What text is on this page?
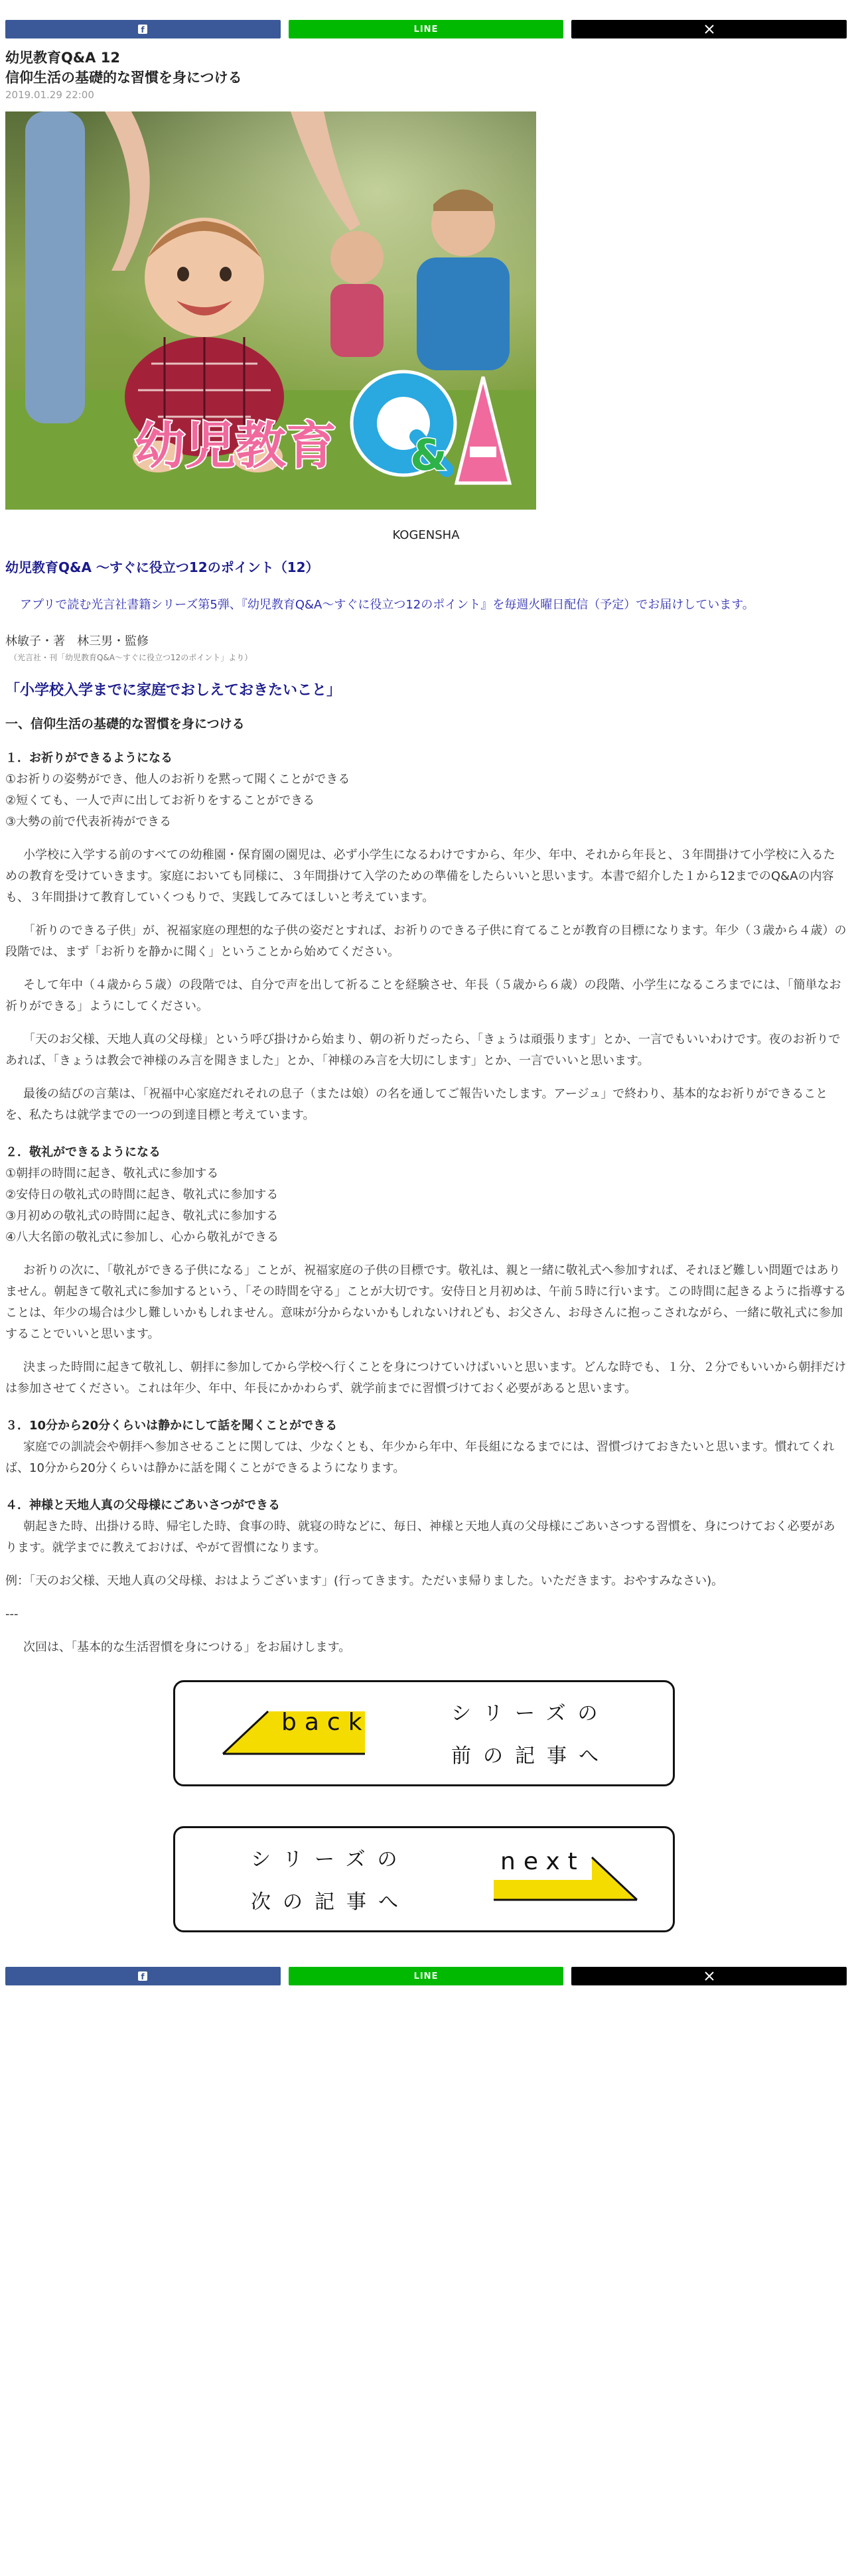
f	LINE
幼児教育Q&A 12
信仰生活の基礎的な習慣を身につける
2019.01.29 22:00
幼児教育 &
KOGENSHA
幼児教育Q&A ～すぐに役立つ12のポイント（12）
アプリで読む光言社書籍シリーズ第5弾、『幼児教育Q&A～すぐに役立つ12のポイント』を毎週火曜日配信（予定）でお届けしています。
林敏子・著　林三男・監修
（光言社・刊「幼児教育Q&A～すぐに役立つ12のポイント」より）
「小学校入学までに家庭でおしえておきたいこと」
一、信仰生活の基礎的な習慣を身につける
１．お祈りができるようになる
①お祈りの姿勢ができ、他人のお祈りを黙って聞くことができる
②短くても、一人で声に出してお祈りをすることができる
③大勢の前で代表祈祷ができる
小学校に入学する前のすべての幼稚園・保育園の園児は、必ず小学生になるわけですから、年少、年中、それから年長と、３年間掛けて小学校に入るための教育を受けていきます。家庭においても同様に、３年間掛けて入学のための準備をしたらいいと思います。本書で紹介した１から12までのQ&Aの内容も、３年間掛けて教育していくつもりで、実践してみてほしいと考えています。
「祈りのできる子供」が、祝福家庭の理想的な子供の姿だとすれば、お祈りのできる子供に育てることが教育の目標になります。年少（３歳から４歳）の段階では、まず「お祈りを静かに聞く」ということから始めてください。
そして年中（４歳から５歳）の段階では、自分で声を出して祈ることを経験させ、年長（５歳から６歳）の段階、小学生になるころまでには、「簡単なお祈りができる」ようにしてください。
「天のお父様、天地人真の父母様」という呼び掛けから始まり、朝の祈りだったら、「きょうは頑張ります」とか、一言でもいいわけです。夜のお祈りであれば、「きょうは教会で神様のみ言を聞きました」とか、「神様のみ言を大切にします」とか、一言でいいと思います。
最後の結びの言葉は、「祝福中心家庭だれそれの息子（または娘）の名を通してご報告いたします。アージュ」で終わり、基本的なお祈りができることを、私たちは就学までの一つの到達目標と考えています。
２．敬礼ができるようになる
①朝拝の時間に起き、敬礼式に参加する
②安侍日の敬礼式の時間に起き、敬礼式に参加する
③月初めの敬礼式の時間に起き、敬礼式に参加する
④八大名節の敬礼式に参加し、心から敬礼ができる
お祈りの次に、「敬礼ができる子供になる」ことが、祝福家庭の子供の目標です。敬礼は、親と一緒に敬礼式へ参加すれば、それほど難しい問題ではありません。朝起きて敬礼式に参加するという、「その時間を守る」ことが大切です。安侍日と月初めは、午前５時に行います。この時間に起きるように指導することは、年少の場合は少し難しいかもしれません。意味が分からないかもしれないけれども、お父さん、お母さんに抱っこされながら、一緒に敬礼式に参加することでいいと思います。
決まった時間に起きて敬礼し、朝拝に参加してから学校へ行くことを身につけていけばいいと思います。どんな時でも、１分、２分でもいいから朝拝だけは参加させてください。これは年少、年中、年長にかかわらず、就学前までに習慣づけておく必要があると思います。
３．10分から20分くらいは静かにして話を聞くことができる
家庭での訓読会や朝拝へ参加させることに関しては、少なくとも、年少から年中、年長組になるまでには、習慣づけておきたいと思います。慣れてくれば、10分から20分くらいは静かに話を聞くことができるようになります。
４．神様と天地人真の父母様にごあいさつができる
朝起きた時、出掛ける時、帰宅した時、食事の時、就寝の時などに、毎日、神様と天地人真の父母様にごあいさつする習慣を、身につけておく必要があります。就学までに教えておけば、やがて習慣になります。
例：「天のお父様、天地人真の父母様、おはようございます」(行ってきます。ただいま帰りました。いただきます。おやすみなさい)。
---
次回は、「基本的な生活習慣を身につける」をお届けします。
back	シリーズの
前の記事へ
シリーズの
次の記事へ
next
f	LINE
